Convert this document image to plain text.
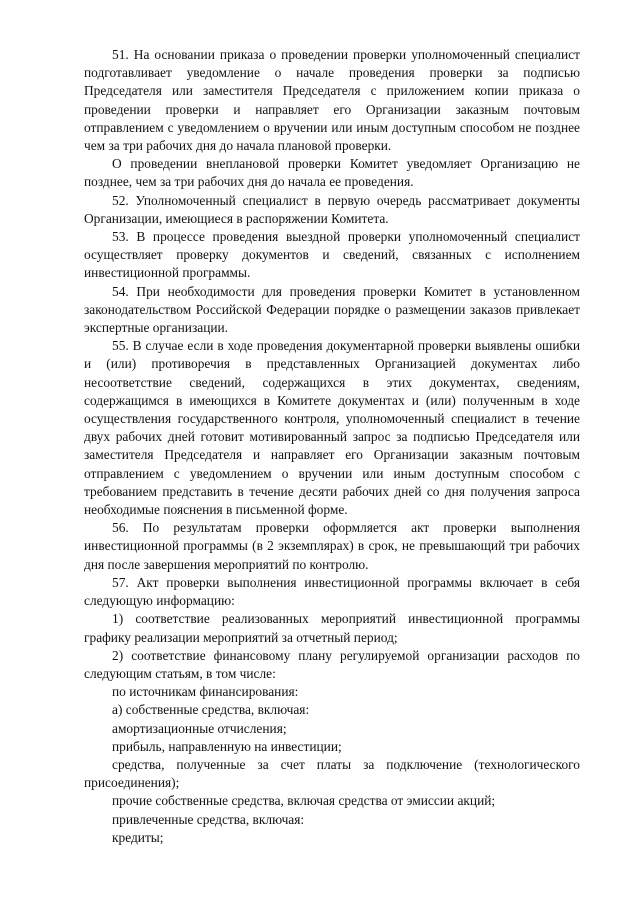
51. На основании приказа о проведении проверки уполномоченный специалист подготавливает уведомление о начале проведения проверки за подписью Председателя или заместителя Председателя с приложением копии приказа о проведении проверки и направляет его Организации заказным почтовым отправлением с уведомлением о вручении или иным доступным способом не позднее чем за три рабочих дня до начала плановой проверки.

О проведении внеплановой проверки Комитет уведомляет Организацию не позднее, чем за три рабочих дня до начала ее проведения.

52. Уполномоченный специалист в первую очередь рассматривает документы Организации, имеющиеся в распоряжении Комитета.

53. В процессе проведения выездной проверки уполномоченный специалист осуществляет проверку документов и сведений, связанных с исполнением инвестиционной программы.

54. При необходимости для проведения проверки Комитет в установленном законодательством Российской Федерации порядке о размещении заказов привлекает экспертные организации.

55. В случае если в ходе проведения документарной проверки выявлены ошибки и (или) противоречия в представленных Организацией документах либо несоответствие сведений, содержащихся в этих документах, сведениям, содержащимся в имеющихся в Комитете документах и (или) полученным в ходе осуществления государственного контроля, уполномоченный специалист в течение двух рабочих дней готовит мотивированный запрос за подписью Председателя или заместителя Председателя и направляет его Организации заказным почтовым отправлением с уведомлением о вручении или иным доступным способом с требованием представить в течение десяти рабочих дней со дня получения запроса необходимые пояснения в письменной форме.

56. По результатам проверки оформляется акт проверки выполнения инвестиционной программы (в 2 экземплярах) в срок, не превышающий три рабочих дня после завершения мероприятий по контролю.

57. Акт проверки выполнения инвестиционной программы включает в себя следующую информацию:

1) соответствие реализованных мероприятий инвестиционной программы графику реализации мероприятий за отчетный период;

2) соответствие финансовому плану регулируемой организации расходов по следующим статьям, в том числе:

по источникам финансирования:

а) собственные средства, включая:

амортизационные отчисления;

прибыль, направленную на инвестиции;

средства, полученные за счет платы за подключение (технологического присоединения);

прочие собственные средства, включая средства от эмиссии акций;

привлеченные средства, включая:

кредиты;
